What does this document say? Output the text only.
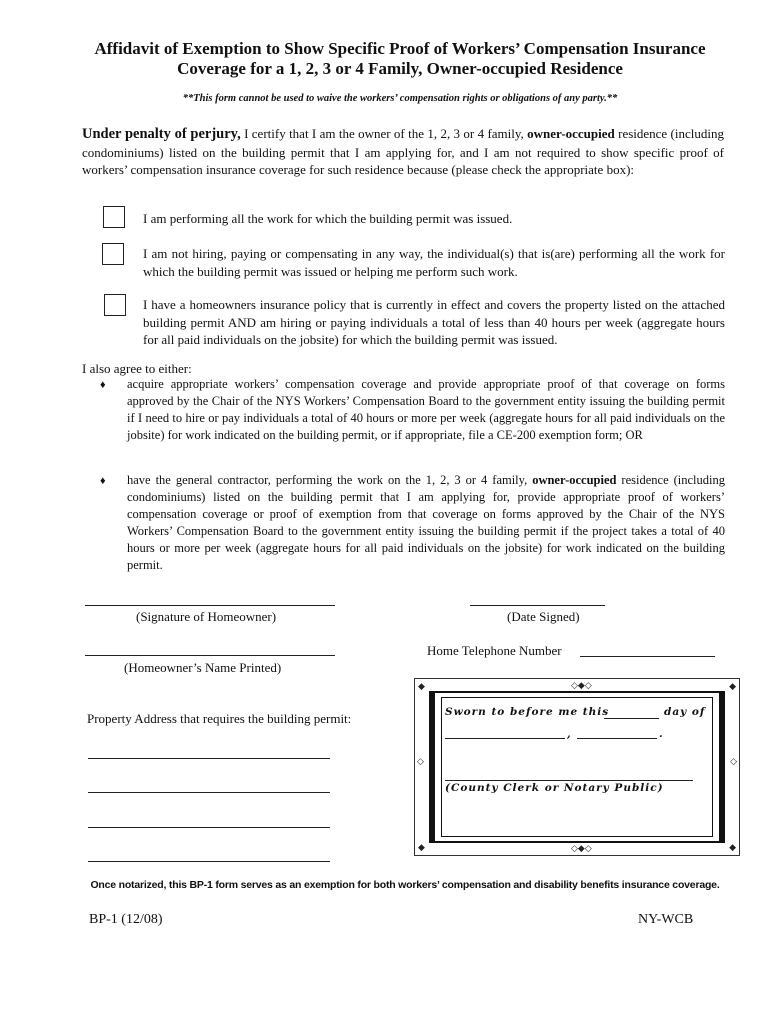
Affidavit of Exemption to Show Specific Proof of Workers’ Compensation Insurance
Coverage for a 1, 2, 3 or 4 Family, Owner-occupied Residence
**This form cannot be used to waive the workers’ compensation rights or obligations of any party.**
Under penalty of perjury, I certify that I am the owner of the 1, 2, 3 or 4 family, owner-occupied residence (including condominiums) listed on the building permit that I am applying for, and I am not required to show specific proof of workers’ compensation insurance coverage for such residence because (please check the appropriate box):
I am performing all the work for which the building permit was issued.
I am not hiring, paying or compensating in any way, the individual(s) that is(are) performing all the work for which the building permit was issued or helping me perform such work.
I have a homeowners insurance policy that is currently in effect and covers the property listed on the attached building permit AND am hiring or paying individuals a total of less than 40 hours per week (aggregate hours for all paid individuals on the jobsite) for which the building permit was issued.
I also agree to either:
♦ acquire appropriate workers’ compensation coverage and provide appropriate proof of that coverage on forms approved by the Chair of the NYS Workers’ Compensation Board to the government entity issuing the building permit if I need to hire or pay individuals a total of 40 hours or more per week (aggregate hours for all paid individuals on the jobsite) for work indicated on the building permit, or if appropriate, file a CE-200 exemption form; OR
♦ have the general contractor, performing the work on the 1, 2, 3 or 4 family, owner-occupied residence (including condominiums) listed on the building permit that I am applying for, provide appropriate proof of workers’ compensation coverage or proof of exemption from that coverage on forms approved by the Chair of the NYS Workers’ Compensation Board to the government entity issuing the building permit if the project takes a total of 40 hours or more per week (aggregate hours for all paid individuals on the jobsite) for work indicated on the building permit.
(Signature of Homeowner)	(Date Signed)
Home Telephone Number
(Homeowner’s Name Printed)
Property Address that requires the building permit:
◆	◆
◆	◆
◇◆◇
◇◆◇
◇	◇
Sworn to before me this	day of
,	.
(County Clerk or Notary Public)
Once notarized, this BP-1 form serves as an exemption for both workers’ compensation and disability benefits insurance coverage.
BP-1 (12/08)	NY-WCB
